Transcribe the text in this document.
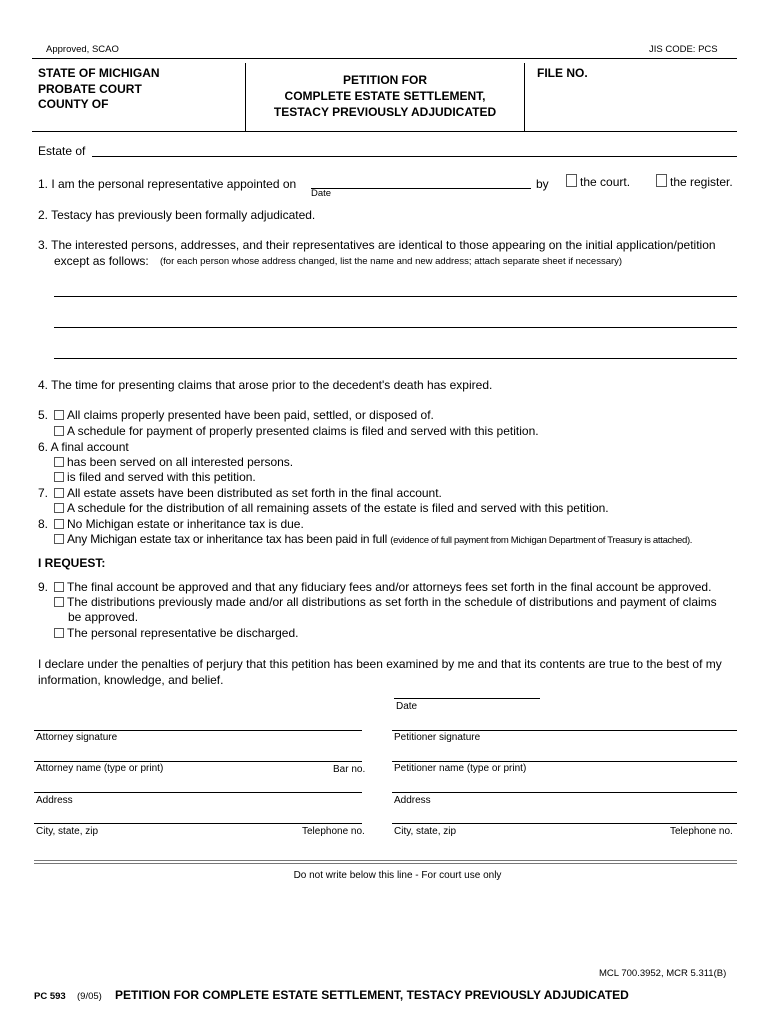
Approved, SCAO	JIS CODE: PCS
STATE OF MICHIGAN
PROBATE COURT
COUNTY OF
PETITION FOR
COMPLETE ESTATE SETTLEMENT,
TESTACY PREVIOUSLY ADJUDICATED
FILE NO.
Estate of
1. I am the personal representative appointed on
Date
by	the court.	the register.
2. Testacy has previously been formally adjudicated.
3. The interested persons, addresses, and their representatives are identical to those appearing on the initial application/petition
except as follows: (for each person whose address changed, list the name and new address; attach separate sheet if necessary)
4. The time for presenting claims that arose prior to the decedent's death has expired.
5.	All claims properly presented have been paid, settled, or disposed of.
A schedule for payment of properly presented claims is filed and served with this petition.
6. A final account
has been served on all interested persons.
is filed and served with this petition.
7.	All estate assets have been distributed as set forth in the final account.
A schedule for the distribution of all remaining assets of the estate is filed and served with this petition.
8.	No Michigan estate or inheritance tax is due.
Any Michigan estate tax or inheritance tax has been paid in full (evidence of full payment from Michigan Department of Treasury is attached).
I REQUEST:
9.	The final account be approved and that any fiduciary fees and/or attorneys fees set forth in the final account be approved.
The distributions previously made and/or all distributions as set forth in the schedule of distributions and payment of claims
be approved.
The personal representative be discharged.
I declare under the penalties of perjury that this petition has been examined by me and that its contents are true to the best of my
information, knowledge, and belief.
Date
Attorney signature	Petitioner signature
Attorney name (type or print)	Bar no.	Petitioner name (type or print)
Address	Address
City, state, zip	Telephone no.	City, state, zip	Telephone no.
Do not write below this line - For court use only
MCL 700.3952, MCR 5.311(B)
PC 593 (9/05) PETITION FOR COMPLETE ESTATE SETTLEMENT, TESTACY PREVIOUSLY ADJUDICATED
